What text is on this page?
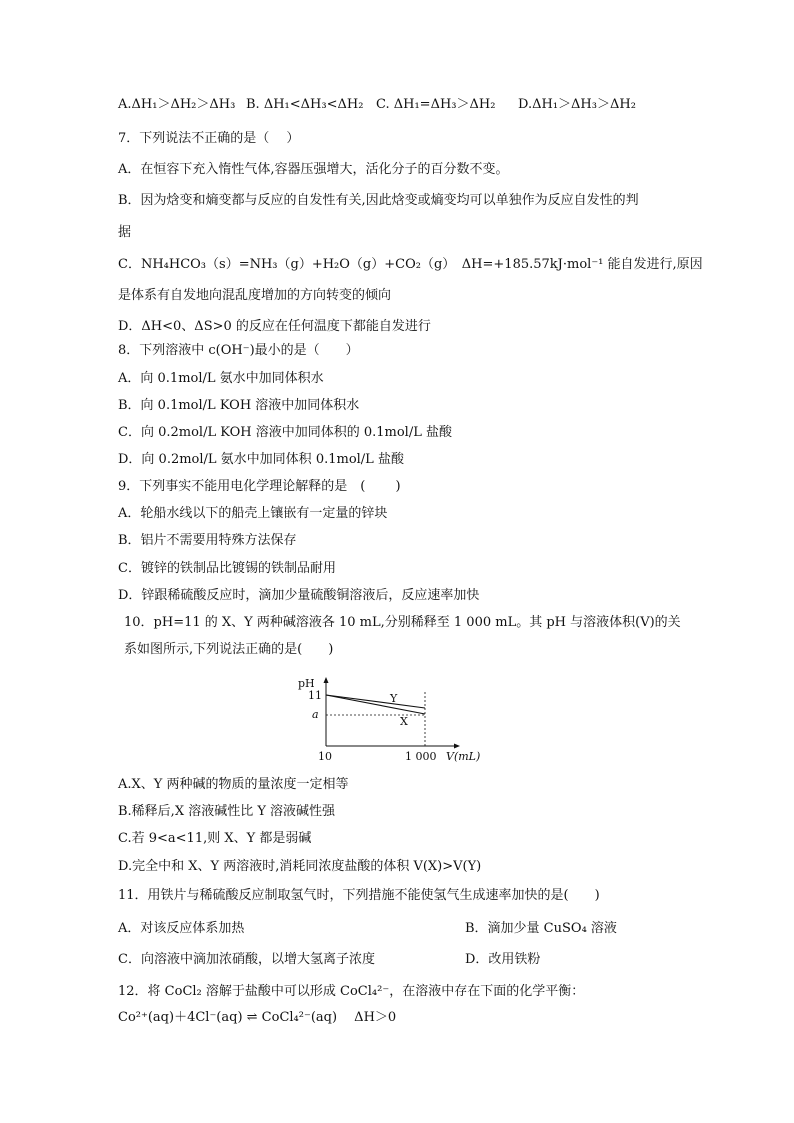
A.ΔH₁＞ΔH₂＞ΔH₃ B. ΔH₁<ΔH₃<ΔH₂ C. ΔH₁=ΔH₃＞ΔH₂ D.ΔH₁＞ΔH₃＞ΔH₂
7．下列说法不正确的是（　 ）
A．在恒容下充入惰性气体,容器压强增大，活化分子的百分数不变。
B．因为焓变和熵变都与反应的自发性有关,因此焓变或熵变均可以单独作为反应自发性的判
据
C．NH₄HCO₃（s）=NH₃（g）+H₂O（g）+CO₂（g）　ΔH=+185.57kJ·mol⁻¹ 能自发进行,原因
是体系有自发地向混乱度增加的方向转变的倾向
D．ΔH<0、ΔS>0 的反应在任何温度下都能自发进行
8．下列溶液中 c(OH⁻)最小的是（　　）
A．向 0.1mol/L 氨水中加同体积水
B．向 0.1mol/L KOH 溶液中加同体积水
C．向 0.2mol/L KOH 溶液中加同体积的 0.1mol/L 盐酸
D．向 0.2mol/L 氨水中加同体积 0.1mol/L 盐酸
9．下列事实不能用电化学理论解释的是　(　　 )
A．轮船水线以下的船壳上镶嵌有一定量的锌块
B．铝片不需要用特殊方法保存
C．镀锌的铁制品比镀锡的铁制品耐用
D．锌跟稀硫酸反应时，滴加少量硫酸铜溶液后，反应速率加快
10．pH=11 的 X、Y 两种碱溶液各 10 mL,分别稀释至 1 000 mL。其 pH 与溶液体积(V)的关
系如图所示,下列说法正确的是(　　)
pH
11
a
Y
X
10	1 000 V(mL)
A.X、Y 两种碱的物质的量浓度一定相等
B.稀释后,X 溶液碱性比 Y 溶液碱性强
C.若 9<a<11,则 X、Y 都是弱碱
D.完全中和 X、Y 两溶液时,消耗同浓度盐酸的体积 V(X)>V(Y)
11．用铁片与稀硫酸反应制取氢气时，下列措施不能使氢气生成速率加快的是(　　)
A．对该反应体系加热	B．滴加少量 CuSO₄ 溶液
C．向溶液中滴加浓硝酸，以增大氢离子浓度	D．改用铁粉
12．将 CoCl₂ 溶解于盐酸中可以形成 CoCl₄²⁻，在溶液中存在下面的化学平衡：
Co²⁺(aq)＋4Cl⁻(aq) ⇌ CoCl₄²⁻(aq)　 ΔH＞0
